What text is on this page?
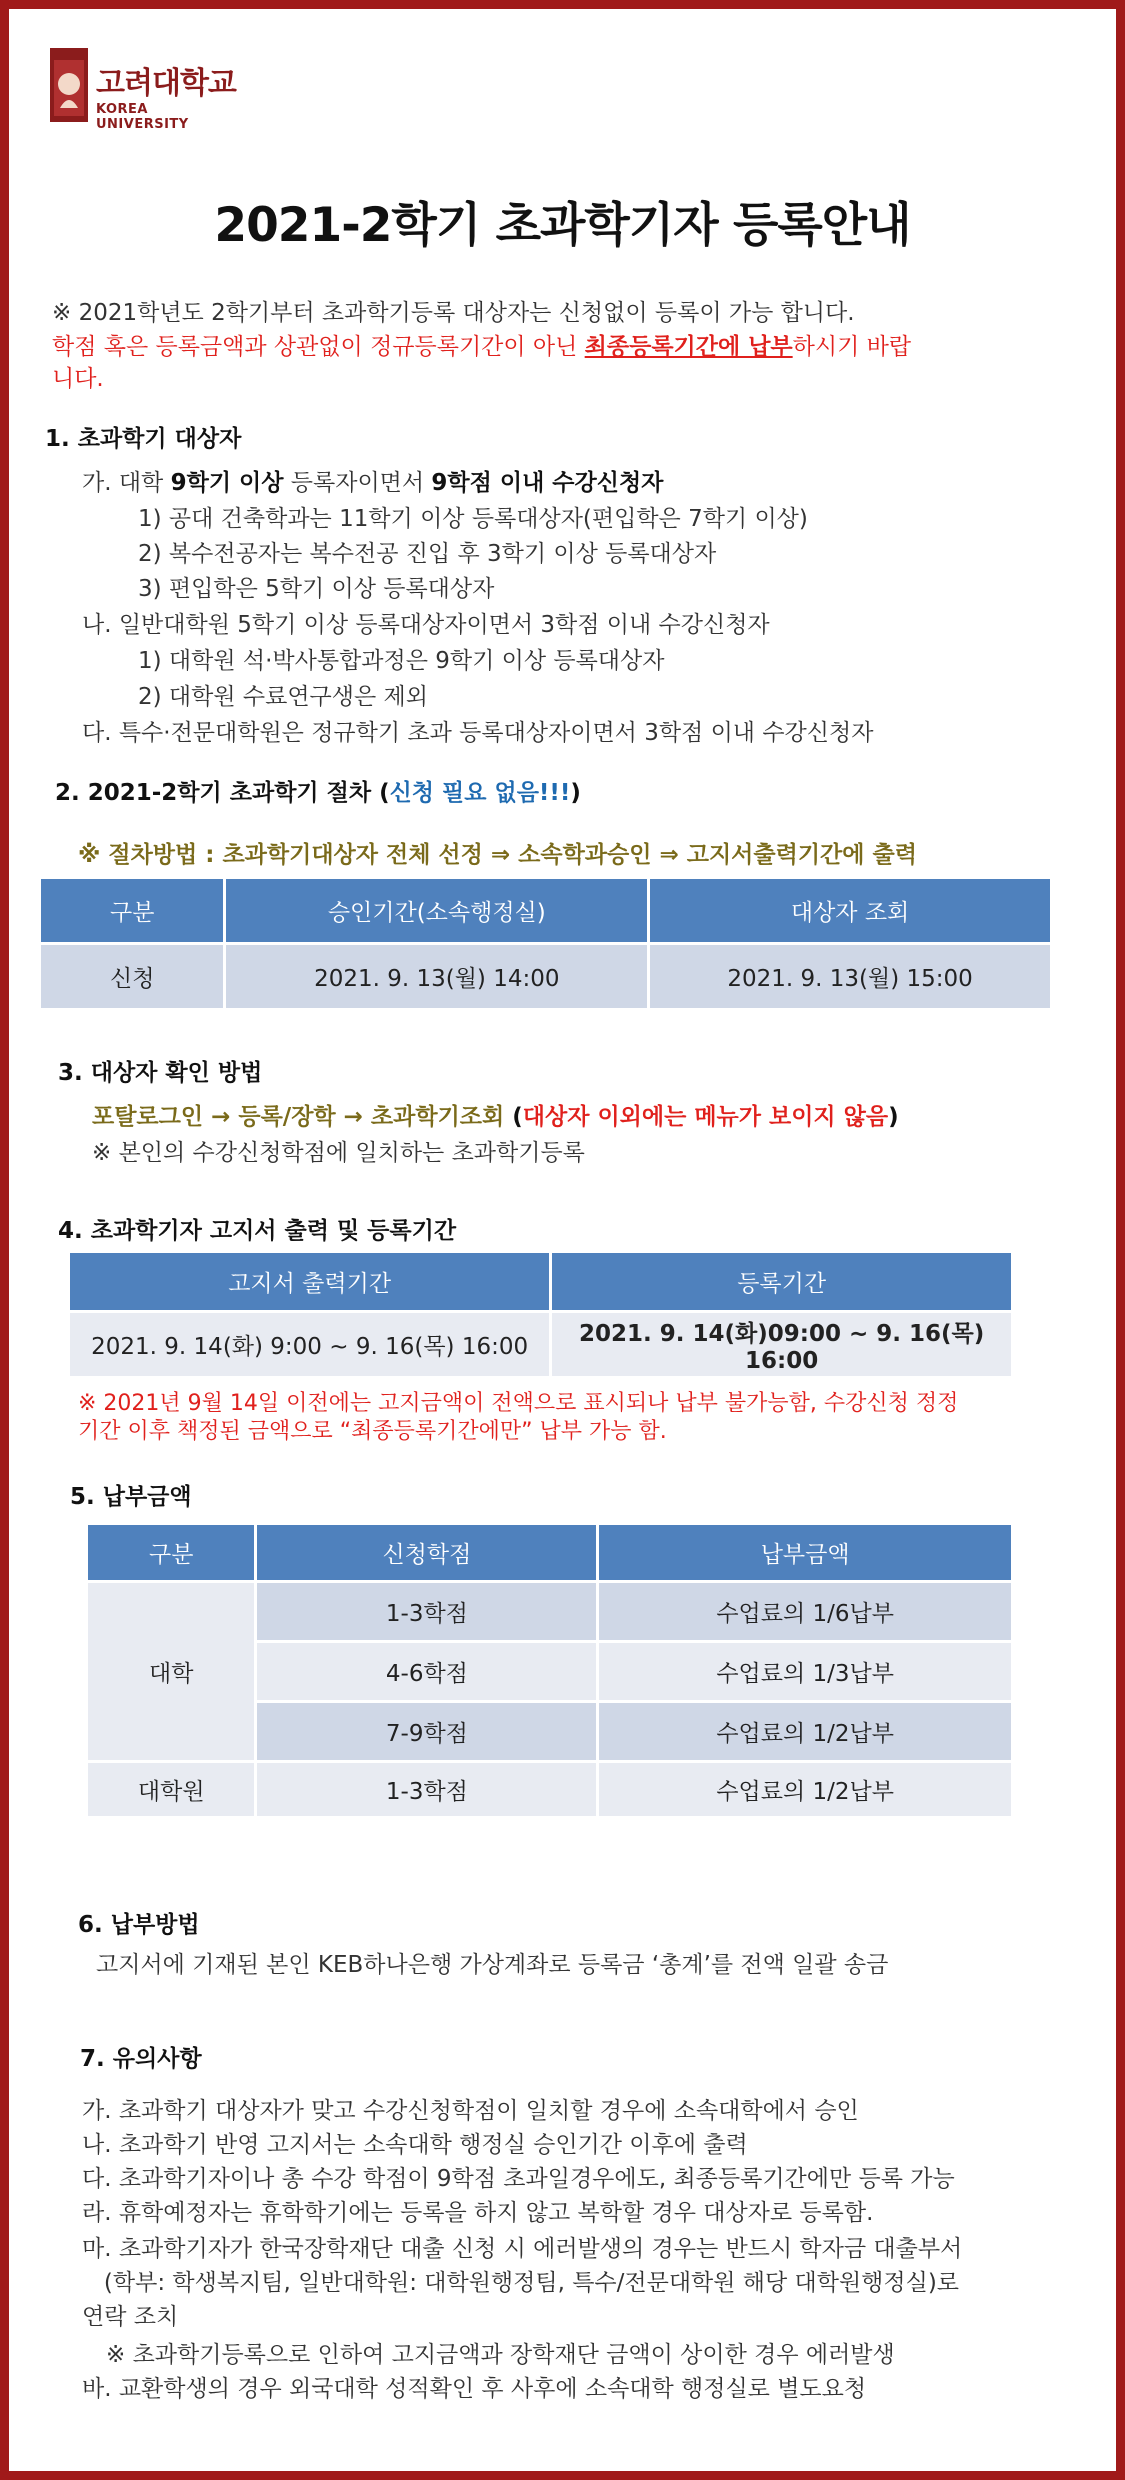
고려대학교
KOREA UNIVERSITY
2021-2학기 초과학기자 등록안내
※ 2021학년도 2학기부터 초과학기등록 대상자는 신청없이 등록이 가능 합니다.
학점 혹은 등록금액과 상관없이 정규등록기간이 아닌 최종등록기간에 납부하시기 바랍
니다.
1. 초과학기 대상자
가. 대학 9학기 이상 등록자이면서 9학점 이내 수강신청자
1) 공대 건축학과는 11학기 이상 등록대상자(편입학은 7학기 이상)
2) 복수전공자는 복수전공 진입 후 3학기 이상 등록대상자
3) 편입학은 5학기 이상 등록대상자
나. 일반대학원 5학기 이상 등록대상자이면서 3학점 이내 수강신청자
1) 대학원 석·박사통합과정은 9학기 이상 등록대상자
2) 대학원 수료연구생은 제외
다. 특수·전문대학원은 정규학기 초과 등록대상자이면서 3학점 이내 수강신청자
2. 2021-2학기 초과학기 절차 (신청 필요 없음!!!)
※ 절차방법 : 초과학기대상자 전체 선정 ⇒ 소속학과승인 ⇒ 고지서출력기간에 출력
구분	승인기간(소속행정실)	대상자 조회
신청	2021. 9. 13(월) 14:00	2021. 9. 13(월) 15:00
3. 대상자 확인 방법
포탈로그인 → 등록/장학 → 초과학기조회 (대상자 이외에는 메뉴가 보이지 않음)
※ 본인의 수강신청학점에 일치하는 초과학기등록
4. 초과학기자 고지서 출력 및 등록기간
고지서 출력기간	등록기간
2021. 9. 14(화) 9:00 ~ 9. 16(목) 16:00	2021. 9. 14(화)09:00 ~ 9. 16(목) 16:00
※ 2021년 9월 14일 이전에는 고지금액이 전액으로 표시되나 납부 불가능함, 수강신청 정정
기간 이후 책정된 금액으로 “최종등록기간에만” 납부 가능 함.
5. 납부금액
구분	신청학점	납부금액
대학	1-3학점	수업료의 1/6납부
	4-6학점	수업료의 1/3납부
	7-9학점	수업료의 1/2납부
대학원	1-3학점	수업료의 1/2납부
6. 납부방법
고지서에 기재된 본인 KEB하나은행 가상계좌로 등록금 ‘총계’를 전액 일괄 송금
7. 유의사항
가. 초과학기 대상자가 맞고 수강신청학점이 일치할 경우에 소속대학에서 승인
나. 초과학기 반영 고지서는 소속대학 행정실 승인기간 이후에 출력
다. 초과학기자이나 총 수강 학점이 9학점 초과일경우에도, 최종등록기간에만 등록 가능
라. 휴학예정자는 휴학학기에는 등록을 하지 않고 복학할 경우 대상자로 등록함.
마. 초과학기자가 한국장학재단 대출 신청 시 에러발생의 경우는 반드시 학자금 대출부서
(학부: 학생복지팀, 일반대학원: 대학원행정팀, 특수/전문대학원 해당 대학원행정실)로
연락 조치
※ 초과학기등록으로 인하여 고지금액과 장학재단 금액이 상이한 경우 에러발생
바. 교환학생의 경우 외국대학 성적확인 후 사후에 소속대학 행정실로 별도요청
